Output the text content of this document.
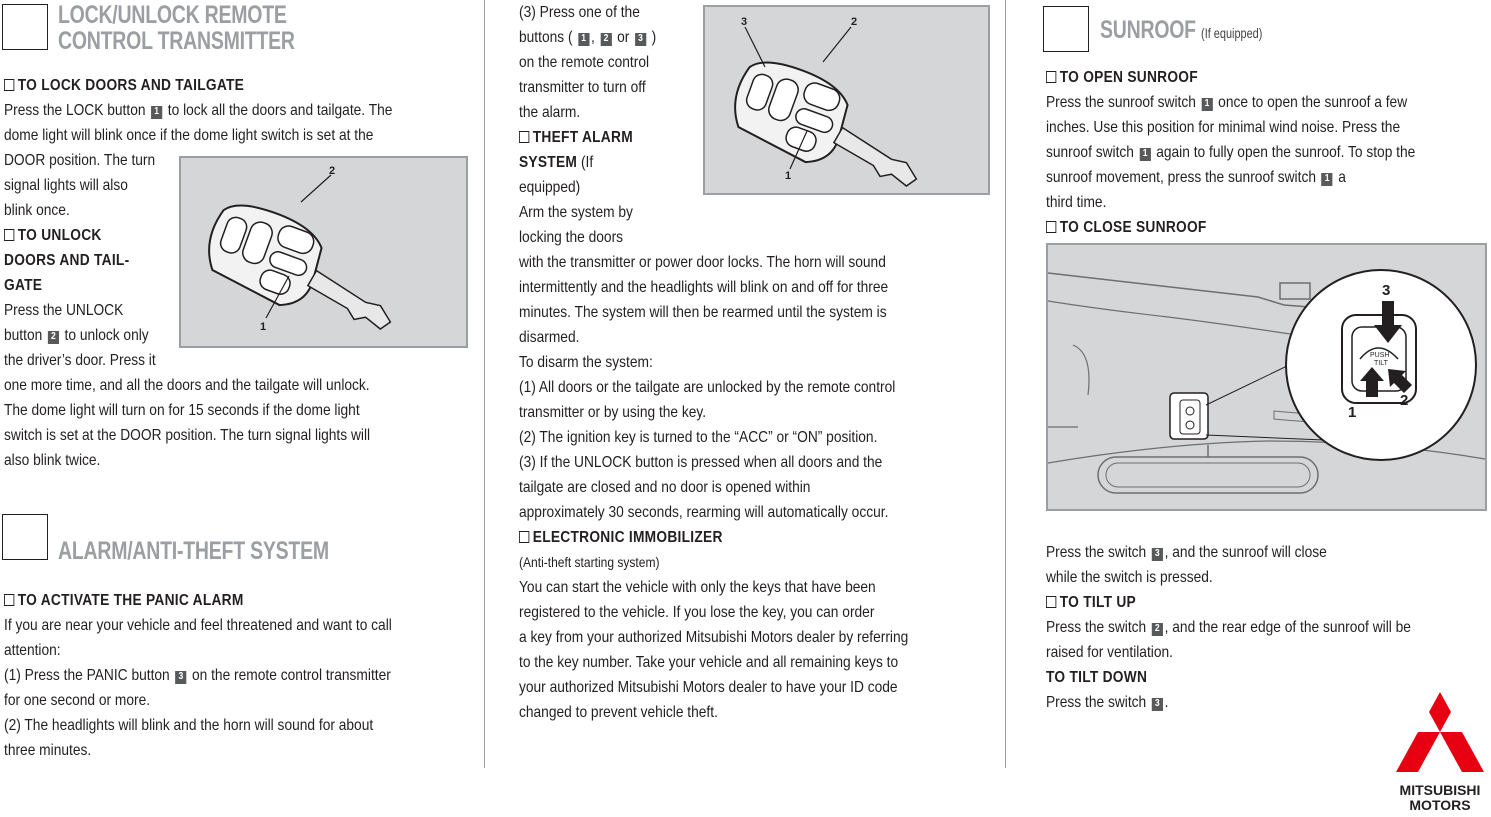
LOCK/UNLOCK REMOTE
CONTROL TRANSMITTER
TO LOCK DOORS AND TAILGATE
Press the LOCK button 1 to lock all the doors and tailgate. The
dome light will blink once if the dome light switch is set at the
DOOR position. The turn
signal lights will also
blink once.
TO UNLOCK
DOORS AND TAIL-
GATE
Press the UNLOCK
button 2 to unlock only
the driver’s door. Press it
one more time, and all the doors and the tailgate will unlock.
The dome light will turn on for 15 seconds if the dome light
switch is set at the DOOR position. The turn signal lights will
also blink twice.
2
1
ALARM/ANTI-THEFT SYSTEM
TO ACTIVATE THE PANIC ALARM
If you are near your vehicle and feel threatened and want to call
attention:
(1) Press the PANIC button 3 on the remote control transmitter
for one second or more.
(2) The headlights will blink and the horn will sound for about
three minutes.
(3) Press one of the
buttons ( 1 , 2 or 3 )
on the remote control
transmitter to turn off
the alarm.
THEFT ALARM
SYSTEM (If
equipped)
Arm the system by
locking the doors
with the transmitter or power door locks. The horn will sound
intermittently and the headlights will blink on and off for three
minutes. The system will then be rearmed until the system is
disarmed.
To disarm the system:
(1) All doors or the tailgate are unlocked by the remote control
transmitter or by using the key.
(2) The ignition key is turned to the “ACC” or “ON” position.
(3) If the UNLOCK button is pressed when all doors and the
tailgate are closed and no door is opened within
approximately 30 seconds, rearming will automatically occur.
ELECTRONIC IMMOBILIZER
(Anti-theft starting system)
You can start the vehicle with only the keys that have been
registered to the vehicle. If you lose the key, you can order
a key from your authorized Mitsubishi Motors dealer by referring
to the key number. Take your vehicle and all remaining keys to
your authorized Mitsubishi Motors dealer to have your ID code
changed to prevent vehicle theft.
3	2
1
SUNROOF (If equipped)
TO OPEN SUNROOF
Press the sunroof switch 1 once to open the sunroof a few
inches. Use this position for minimal wind noise. Press the
sunroof switch 1 again to fully open the sunroof. To stop the
sunroof movement, press the sunroof switch 1 a
third time.
TO CLOSE SUNROOF
PUSH
TILT
3
1
2
Press the switch 3 , and the sunroof will close
while the switch is pressed.
TO TILT UP
Press the switch 2 , and the rear edge of the sunroof will be
raised for ventilation.
TO TILT DOWN
Press the switch 3 .
MITSUBISHI
MOTORS
